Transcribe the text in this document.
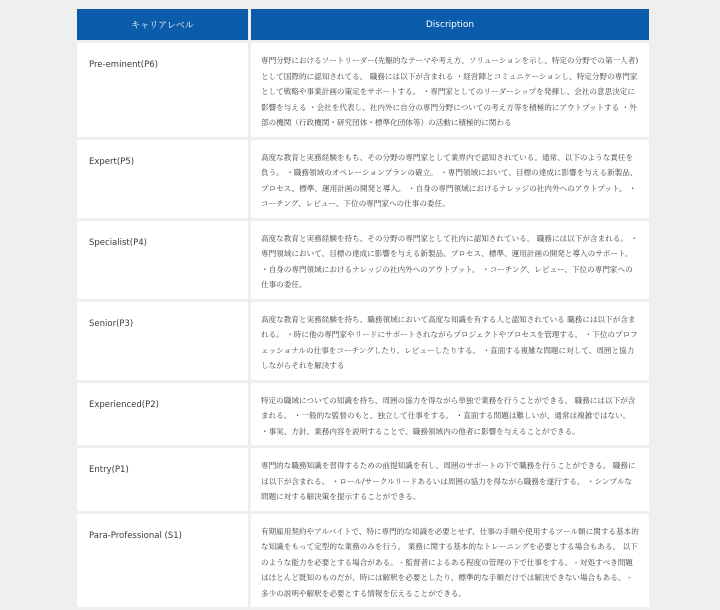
キャリアレベル	Discription
Pre-eminent(P6)	専門分野におけるソートリーダー(先駆的なテーマや考え方、ソリューションを示し、特定の分野での第一人者)として国際的に認知されてる。 職務には以下が含まれる ・経営陣とコミュニケーションし、特定分野の専門家として戦略や事業計画の策定をサポートする。 ・専門家としてのリーダーシップを発揮し、会社の意思決定に影響を与える ・会社を代表し、社内外に自分の専門分野についての考え方等を積極的にアウトプットする ・外部の機関（行政機関・研究団体・標準化団体等）の活動に積極的に関わる
Expert(P5)	高度な教育と実務経験をもち、その分野の専門家として業界内で認知されている。通常、以下のような責任を負う。 ・職務領域のオペレーションプランの確立。 ・専門領域において、目標の達成に影響を与える新製品、プロセス、標準、運用計画の開発と導入。 ・自身の専門領域におけるナレッジの社内外へのアウトプット。 ・コーチング、レビュー、下位の専門家への仕事の委任。
Specialist(P4)	高度な教育と実務経験を持ち、その分野の専門家として社内に認知されている。 職務には以下が含まれる。 ・専門領域において、目標の達成に影響を与える新製品、プロセス、標準、運用計画の開発と導入のサポート。 ・自身の専門領域におけるナレッジの社内外へのアウトプット。 ・コーチング、レビュー、下位の専門家への仕事の委任。
Senior(P3)	高度な教育と実務経験を持ち、職務領域において高度な知識を有する人と認知されている 職務には以下が含まれる。 ・時に他の専門家やリードにサポートされながらプロジェクトやプロセスを管理する。 ・下位のプロフェッショナルの仕事をコーチングしたり、レビューしたりする。 ・直面する複雑な問題に対して、周囲と協力しながらそれを解決する
Experienced(P2)	特定の職域についての知識を持ち、周囲の協力を得ながら単独で業務を行うことができる。 職務には以下が含まれる。 ・一般的な監督のもと、独立して仕事をする。 ・直面する問題は難しいが、通常は複雑ではない。 ・事実、方針、業務内容を説明することで、職務領域内の他者に影響を与えることができる。
Entry(P1)	専門的な職務知識を習得するための前提知識を有し、周囲のサポートの下で職務を行うことができる。 職務には以下が含まれる。 ・ロール/サークルリードあるいは周囲の協力を得ながら職務を遂行する。 ・シンプルな問題に対する解決策を提示することができる。
Para-Professional (S1)	有期雇用契約やアルバイトで、特に専門的な知識を必要とせず、仕事の手順や使用するツール類に関する基本的な知識をもって定型的な業務のみを行う。 業務に関する基本的なトレーニングを必要とする場合もある。 以下のような能力を必要とする場合がある。 - 監督者によるある程度の管理の下で仕事をする。 - 対処すべき問題はほとんど既知のものだが、時には解釈を必要としたり、標準的な手順だけでは解決できない場合もある。 - 多少の説明や解釈を必要とする情報を伝えることができる。
